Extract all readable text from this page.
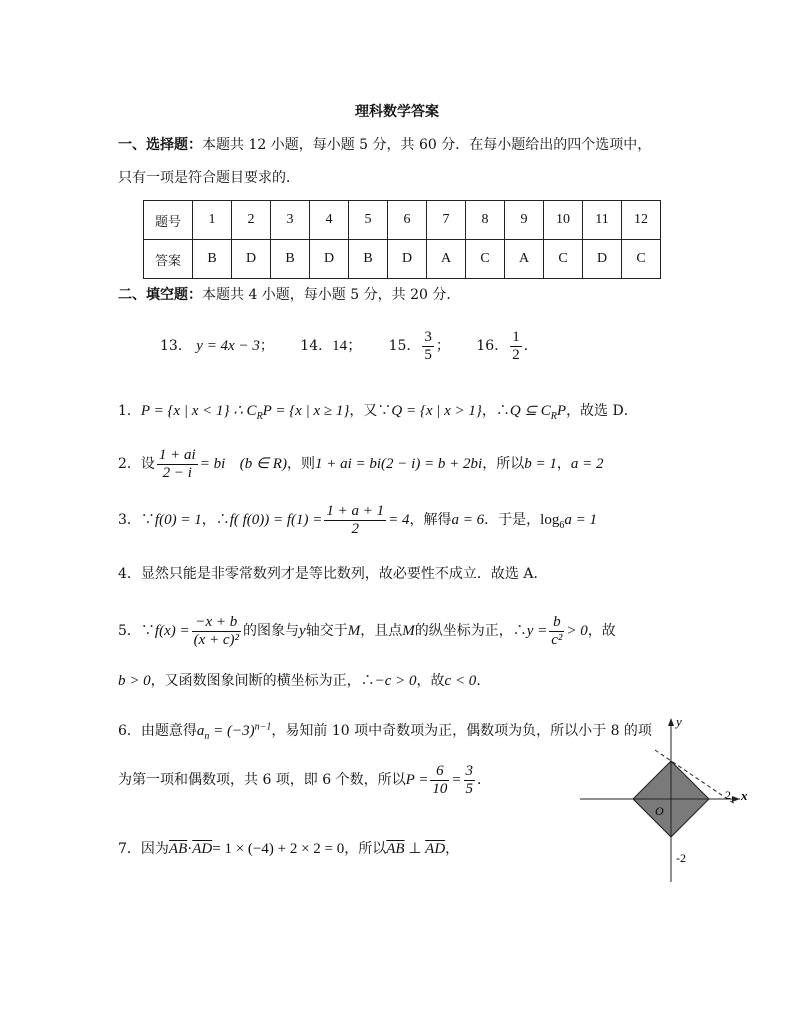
理科数学答案
一、选择题：本题共 12 小题，每小题 5 分，共 60 分．在每小题给出的四个选项中，
只有一项是符合题目要求的．
题号	1	2	3	4	5	6	7	8	9	10	11	12
答案	B	D	B	D	B	D	A	C	A	C	D	C
二、填空题：本题共 4 小题，每小题 5 分，共 20 分．
13． y = 4x − 3； 14．14； 15． $\frac{3}{5}$ ； 16． $\frac{1}{2}$ ．
1．P = {x | x < 1} ∴ $C_RP = \{x$ | x ≥ 1}，又∵Q = {x | x > 1}，∴Q ⊆ $C_RP$，故选 D．
2．设 $\frac{1 + ai}{2 - i}$ = bi (b ∈ R)，则1 + ai = bi(2 − i) = b + 2bi，所以b = 1，a = 2
3．∵f(0) = 1，∴f( $f(0)) = f(1) = \frac{1 + a + 1}{2} = 4$，解得a = 6．于是，$\log_6a = 1$
4．显然只能是非零常数列才是等比数列，故必要性不成立．故选 A．
5．∵f(x) = $\frac{-x + b}{\text{(x + c)²}}$ 的图象与y轴交于M，且点M的纵坐标为正，∴y = $\frac{b}{\text{c²}} > 0$，故
b > 0，又函数图象间断的横坐标为正，∴−c > 0，故c < 0．
6．由题意得$a_n = (-3)^{n-1}$，易知前 10 项中奇数项为正，偶数项为负，所以小于 8 的项
为第一项和偶数项，共 6 项，即 6 个数，所以$P = \frac{6}{10} = \frac{3}{5}$ ．
7．因为$\overline{AB}\cdot\overline{AD}= 1 \times (-4) + 2 \times 2 = 0$，所以$\overline{AB}$ ⊥ $\overline{AD}$，
y
x
O
2
-2
